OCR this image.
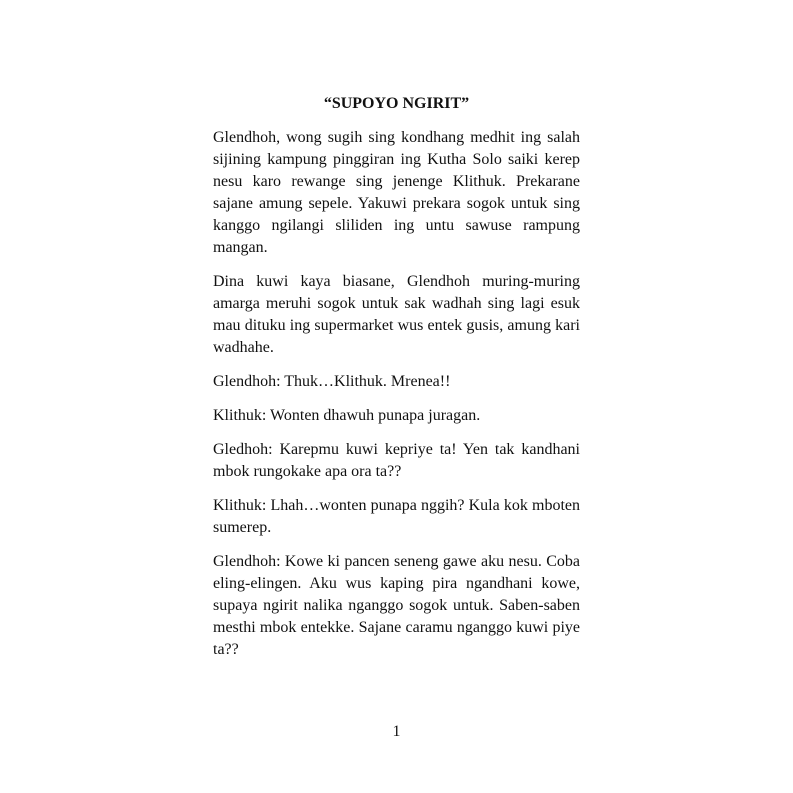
“SUPOYO NGIRIT”

Glendhoh, wong sugih sing kondhang medhit ing salah sijining kampung pinggiran ing Kutha Solo saiki kerep nesu karo rewange sing jenenge Klithuk. Prekarane sajane amung sepele. Yakuwi prekara sogok untuk sing kanggo ngilangi sliliden ing untu sawuse rampung mangan.

Dina kuwi kaya biasane, Glendhoh muring-muring amarga meruhi sogok untuk sak wadhah sing lagi esuk mau dituku ing supermarket wus entek gusis, amung kari wadhahe.

Glendhoh: Thuk…Klithuk. Mrenea!!

Klithuk: Wonten dhawuh punapa juragan.

Gledhoh: Karepmu kuwi kepriye ta! Yen tak kandhani mbok rungokake apa ora ta??

Klithuk: Lhah…wonten punapa nggih? Kula kok mboten sumerep.

Glendhoh: Kowe ki pancen seneng gawe aku nesu. Coba eling-elingen. Aku wus kaping pira ngandhani kowe, supaya ngirit nalika nganggo sogok untuk. Saben-saben mesthi mbok entekke. Sajane caramu nganggo kuwi piye ta??

1
